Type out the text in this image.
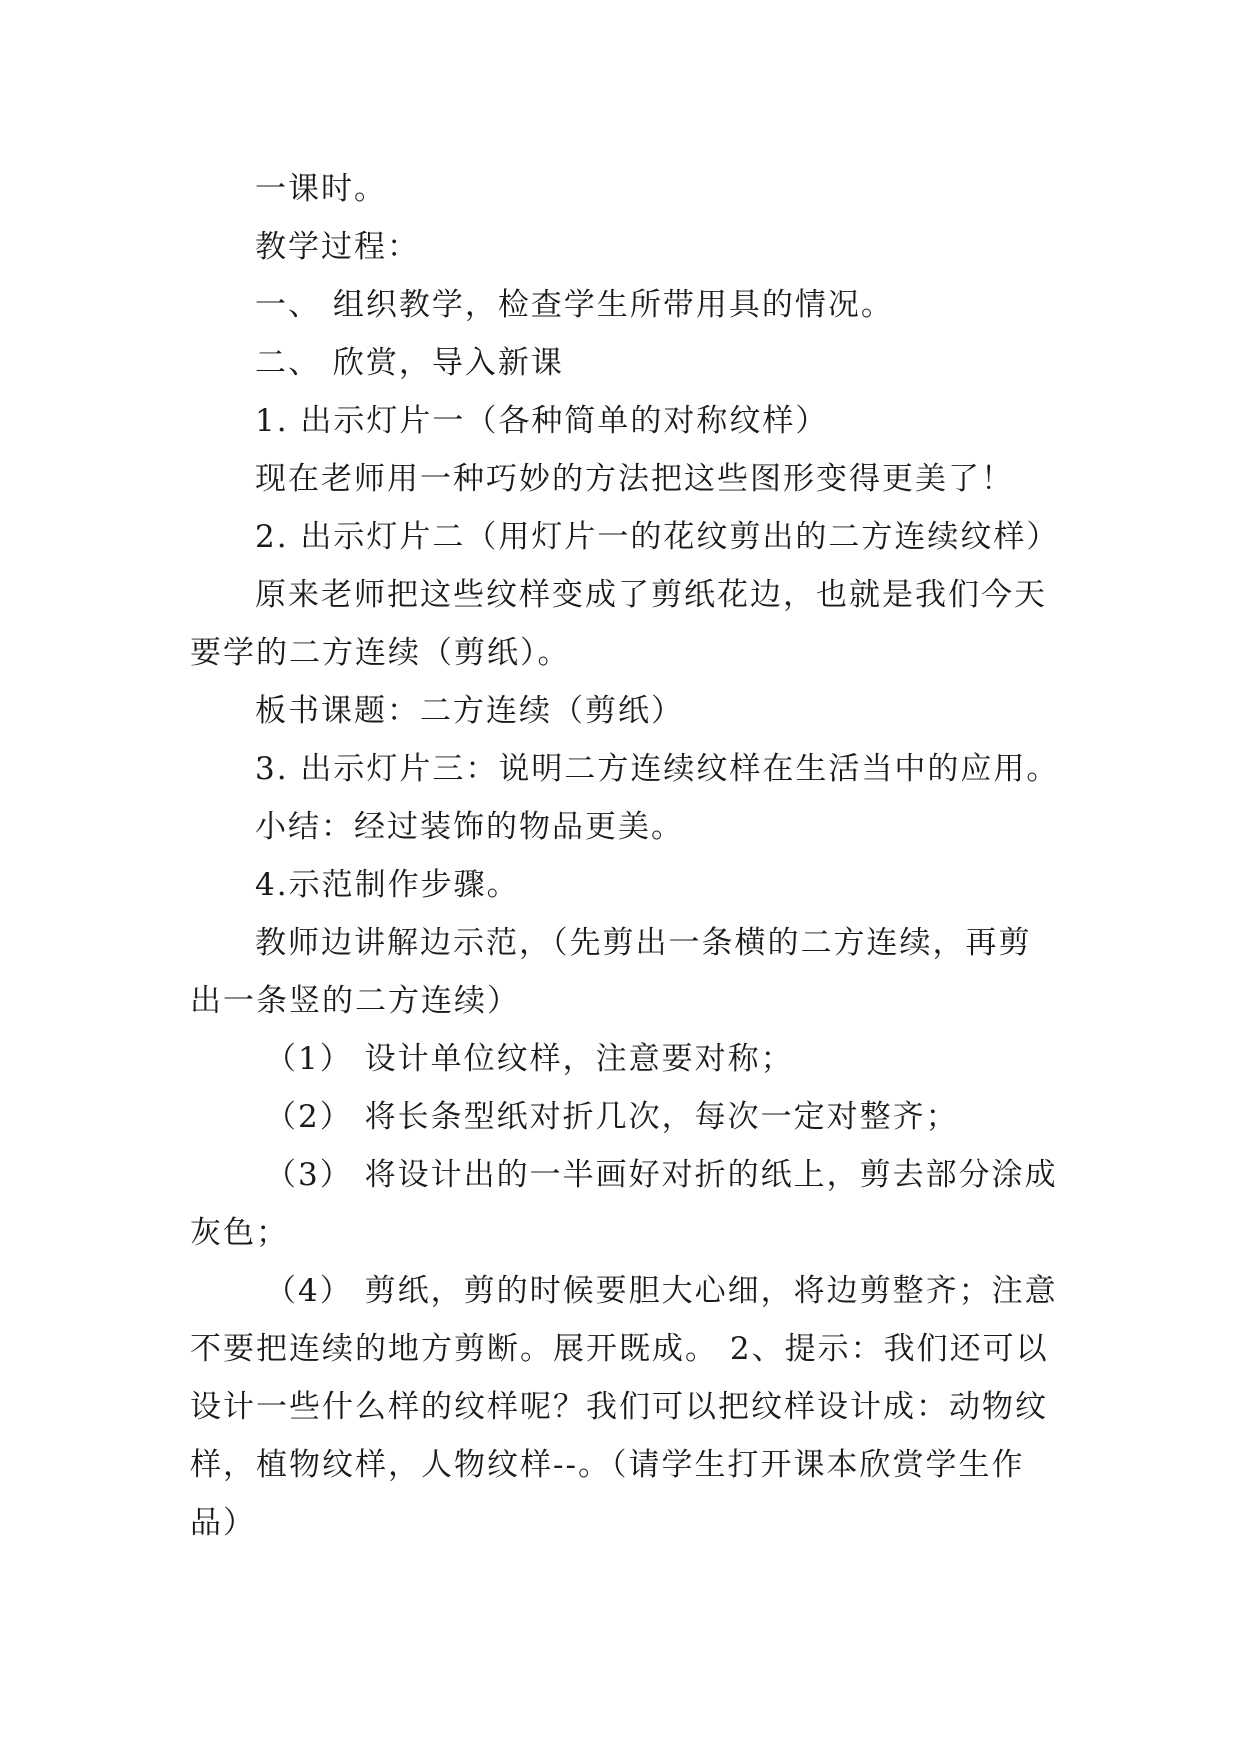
一课时。
教学过程：
一、 组织教学，检查学生所带用具的情况。
二、 欣赏，导入新课
1. 出示灯片一（各种简单的对称纹样）
现在老师用一种巧妙的方法把这些图形变得更美了！
2. 出示灯片二（用灯片一的花纹剪出的二方连续纹样）
原来老师把这些纹样变成了剪纸花边，也就是我们今天
要学的二方连续（剪纸）。
板书课题：二方连续（剪纸）
3. 出示灯片三：说明二方连续纹样在生活当中的应用。
小结：经过装饰的物品更美。
4.示范制作步骤。
教师边讲解边示范，（先剪出一条横的二方连续，再剪
出一条竖的二方连续）
（1） 设计单位纹样，注意要对称；
（2） 将长条型纸对折几次，每次一定对整齐；
（3） 将设计出的一半画好对折的纸上，剪去部分涂成
灰色；
（4） 剪纸，剪的时候要胆大心细，将边剪整齐；注意
不要把连续的地方剪断。展开既成。 2、提示：我们还可以
设计一些什么样的纹样呢？我们可以把纹样设计成：动物纹
样，植物纹样，人物纹样--。（请学生打开课本欣赏学生作
品）
